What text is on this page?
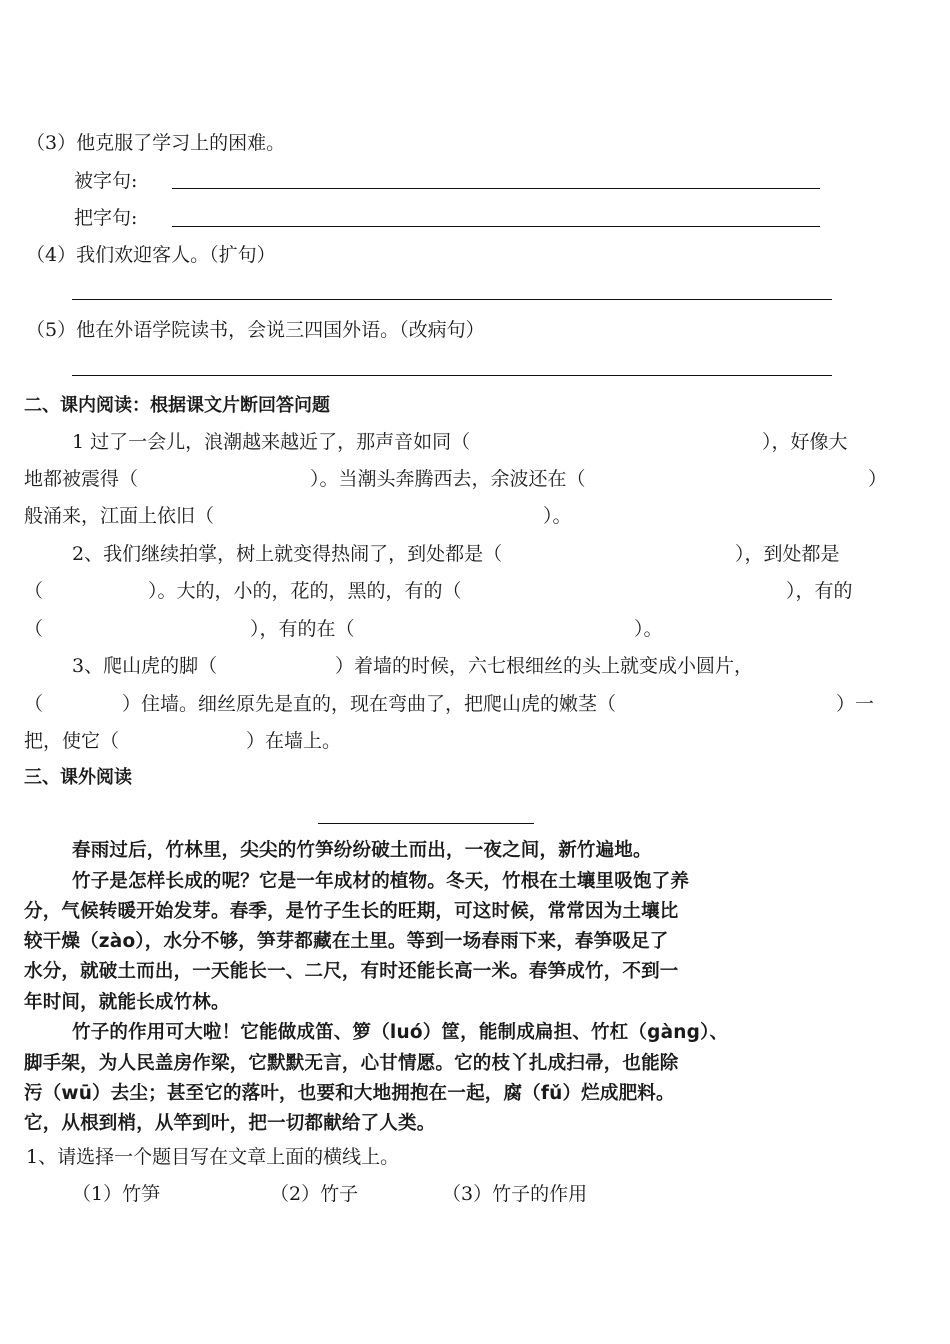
（3）他克服了学习上的困难。
被字句:
把字句:
（4）我们欢迎客人。（扩句）
（5）他在外语学院读书，会说三四国外语。（改病句）
二、课内阅读：根据课文片断回答问题
1 过了一会儿，浪潮越来越近了，那声音如同（	），好像大
地都被震得（	）。当潮头奔腾西去，余波还在（	）
般涌来，江面上依旧（	）。
2、我们继续拍掌，树上就变得热闹了，到处都是（	），到处都是
（	）。大的，小的，花的，黑的，有的（	），有的
（	），有的在（	）。
3、爬山虎的脚（	）着墙的时候，六七根细丝的头上就变成小圆片，
（	）住墙。细丝原先是直的，现在弯曲了，把爬山虎的嫩茎（	）一
把，使它（	）在墙上。
三、课外阅读
春雨过后，竹林里，尖尖的竹笋纷纷破土而出，一夜之间，新竹遍地。
竹子是怎样长成的呢？它是一年成材的植物。冬天，竹根在土壤里吸饱了养
分，气候转暖开始发芽。春季，是竹子生长的旺期，可这时候，常常因为土壤比
较干燥（zào），水分不够，笋芽都藏在土里。等到一场春雨下来，春笋吸足了
水分，就破土而出，一天能长一、二尺，有时还能长高一米。春笋成竹，不到一
年时间，就能长成竹林。
竹子的作用可大啦！它能做成笛、箩（luó）筐，能制成扁担、竹杠（gàng）、
脚手架，为人民盖房作梁，它默默无言，心甘情愿。它的枝丫扎成扫帚，也能除
污（wū）去尘；甚至它的落叶，也要和大地拥抱在一起，腐（fǔ）烂成肥料。
它，从根到梢，从竿到叶，把一切都献给了人类。
1、请选择一个题目写在文章上面的横线上。
（1）竹笋	（2）竹子	（3）竹子的作用
